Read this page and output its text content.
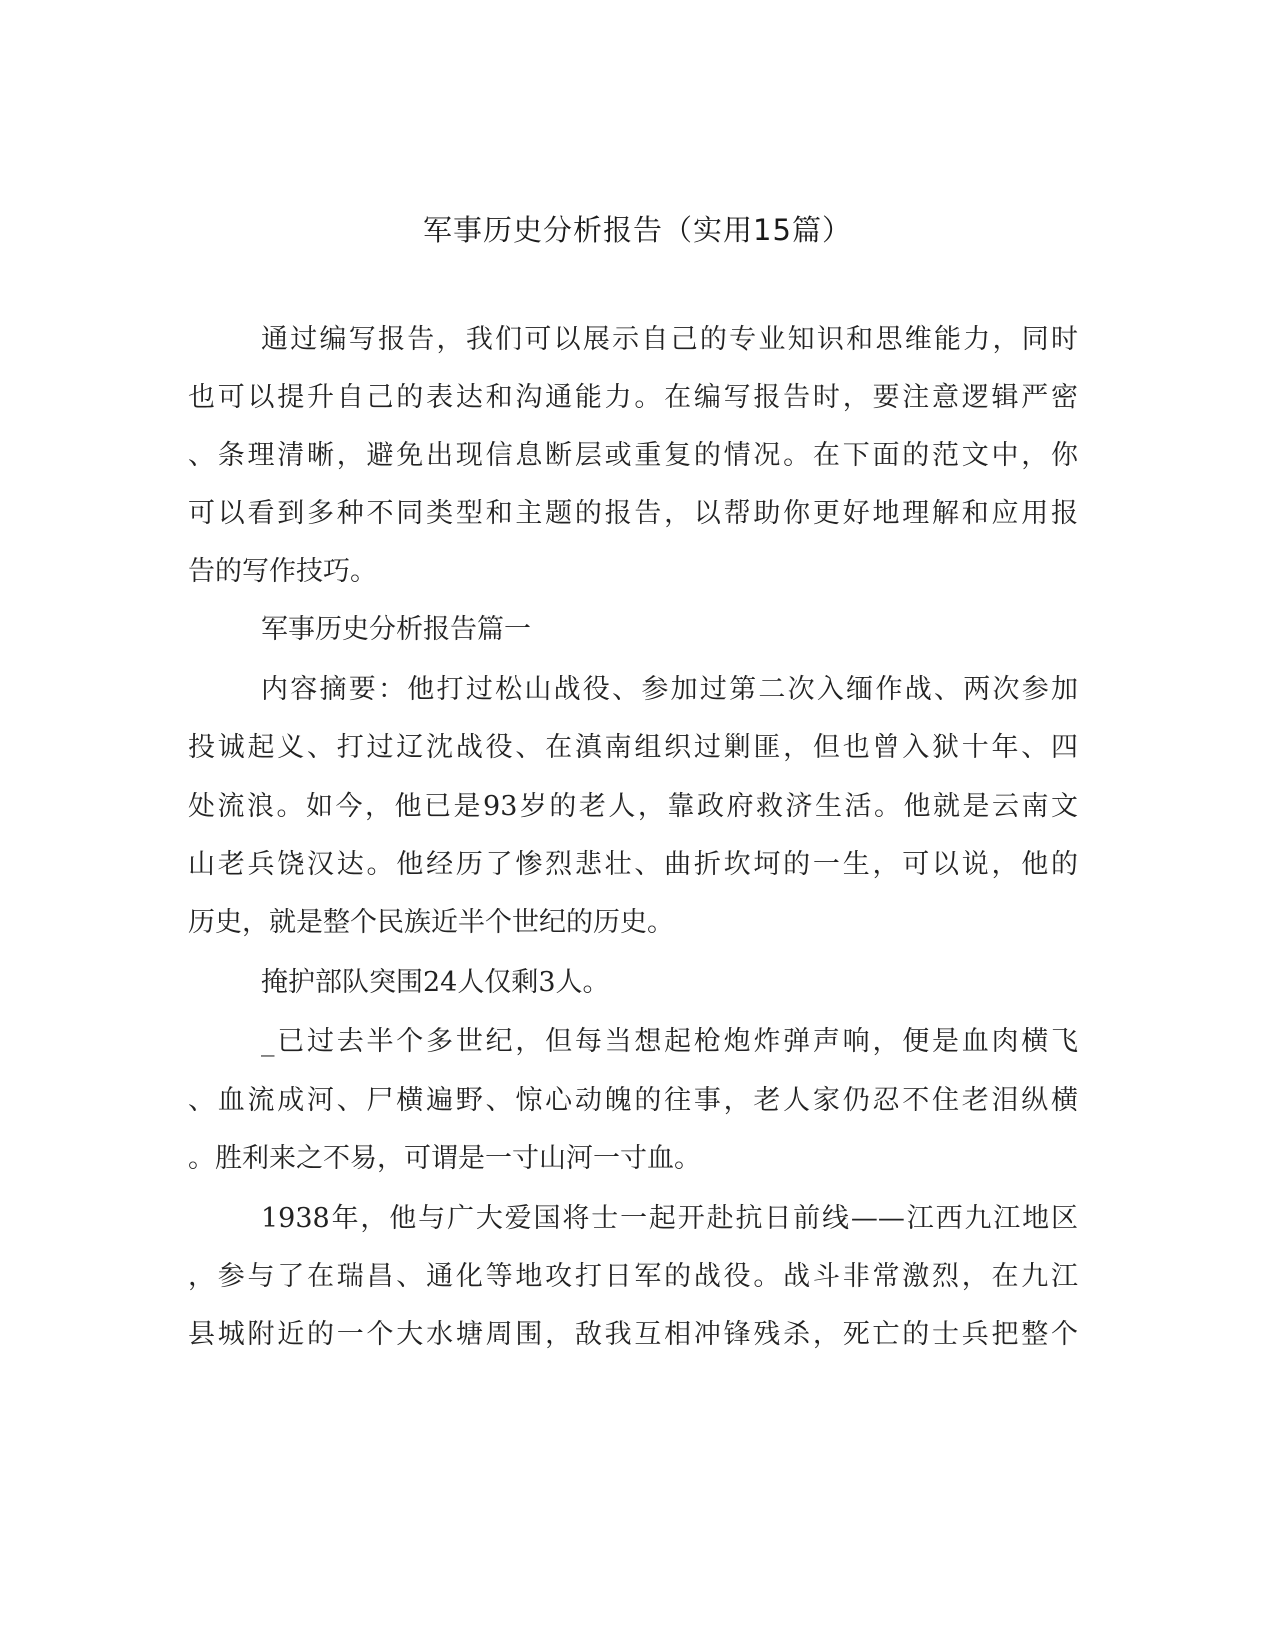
军事历史分析报告（实用15篇）
通过编写报告，我们可以展示自己的专业知识和思维能力，同时
也可以提升自己的表达和沟通能力。在编写报告时，要注意逻辑严密
、条理清晰，避免出现信息断层或重复的情况。在下面的范文中，你
可以看到多种不同类型和主题的报告，以帮助你更好地理解和应用报
告的写作技巧。
军事历史分析报告篇一
内容摘要：他打过松山战役、参加过第二次入缅作战、两次参加
投诚起义、打过辽沈战役、在滇南组织过剿匪，但也曾入狱十年、四
处流浪。如今，他已是93岁的老人，靠政府救济生活。他就是云南文
山老兵饶汉达。他经历了惨烈悲壮、曲折坎坷的一生，可以说，他的
历史，就是整个民族近半个世纪的历史。
掩护部队突围24人仅剩3人。
_已过去半个多世纪，但每当想起枪炮炸弹声响，便是血肉横飞
、血流成河、尸横遍野、惊心动魄的往事，老人家仍忍不住老泪纵横
。胜利来之不易，可谓是一寸山河一寸血。
1938年，他与广大爱国将士一起开赴抗日前线——江西九江地区
，参与了在瑞昌、通化等地攻打日军的战役。战斗非常激烈，在九江
县城附近的一个大水塘周围，敌我互相冲锋残杀，死亡的士兵把整个
